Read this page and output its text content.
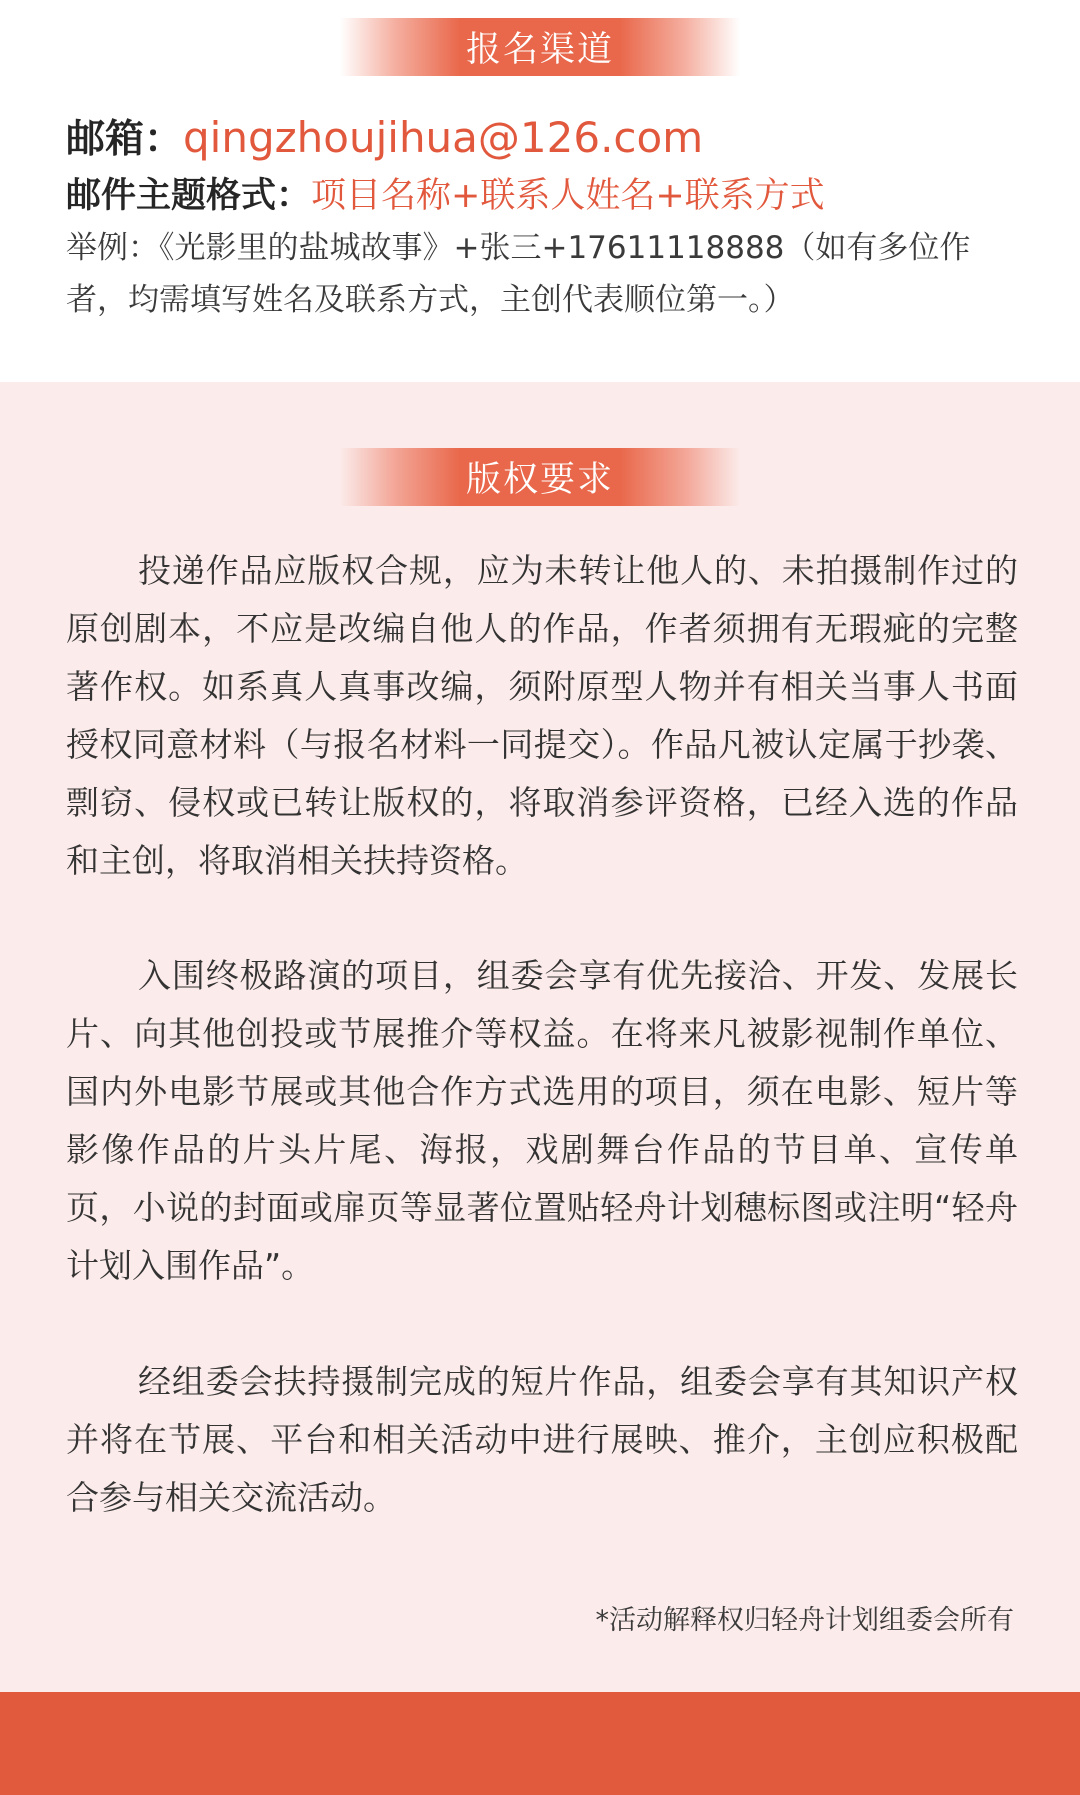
报名渠道
邮箱：qingzhoujihua@126.com
邮件主题格式：项目名称+联系人姓名+联系方式
举例：《光影里的盐城故事》+张三+17611118888（如有多位作者，均需填写姓名及联系方式，主创代表顺位第一。）
版权要求
投递作品应版权合规，应为未转让他人的、未拍摄制作过的原创剧本，不应是改编自他人的作品，作者须拥有无瑕疵的完整著作权。如系真人真事改编，须附原型人物并有相关当事人书面授权同意材料（与报名材料一同提交）。作品凡被认定属于抄袭、剽窃、侵权或已转让版权的，将取消参评资格，已经入选的作品和主创，将取消相关扶持资格。
入围终极路演的项目，组委会享有优先接洽、开发、发展长片、向其他创投或节展推介等权益。在将来凡被影视制作单位、国内外电影节展或其他合作方式选用的项目，须在电影、短片等影像作品的片头片尾、海报，戏剧舞台作品的节目单、宣传单页，小说的封面或扉页等显著位置贴轻舟计划穗标图或注明“轻舟计划入围作品”。
经组委会扶持摄制完成的短片作品，组委会享有其知识产权并将在节展、平台和相关活动中进行展映、推介，主创应积极配合参与相关交流活动。
*活动解释权归轻舟计划组委会所有
